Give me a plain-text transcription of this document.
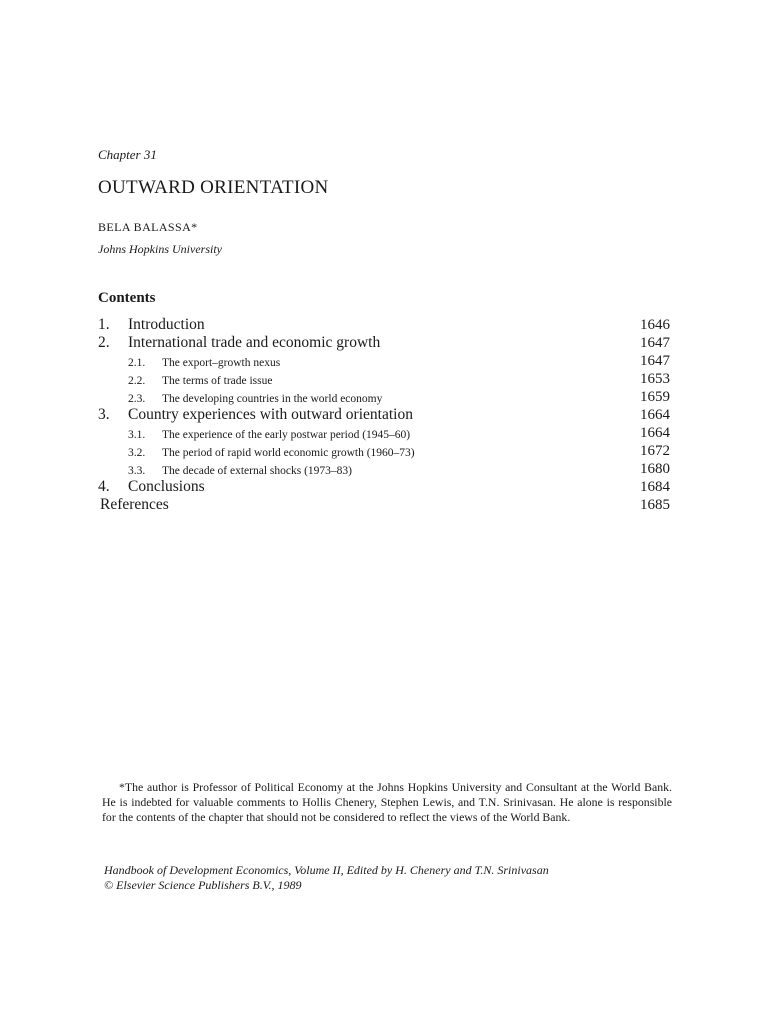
Chapter 31
OUTWARD ORIENTATION
BELA BALASSA*
Johns Hopkins University
Contents
1. Introduction	1646
2. International trade and economic growth	1647
2.1. The export–growth nexus	1647
2.2. The terms of trade issue	1653
2.3. The developing countries in the world economy	1659
3. Country experiences with outward orientation	1664
3.1. The experience of the early postwar period (1945–60)	1664
3.2. The period of rapid world economic growth (1960–73)	1672
3.3. The decade of external shocks (1973–83)	1680
4. Conclusions	1684
References	1685

*The author is Professor of Political Economy at the Johns Hopkins University and Consultant at the World Bank. He is indebted for valuable comments to Hollis Chenery, Stephen Lewis, and T.N. Srinivasan. He alone is responsible for the contents of the chapter that should not be considered to reflect the views of the World Bank.

Handbook of Development Economics, Volume II, Edited by H. Chenery and T.N. Srinivasan
© Elsevier Science Publishers B.V., 1989
